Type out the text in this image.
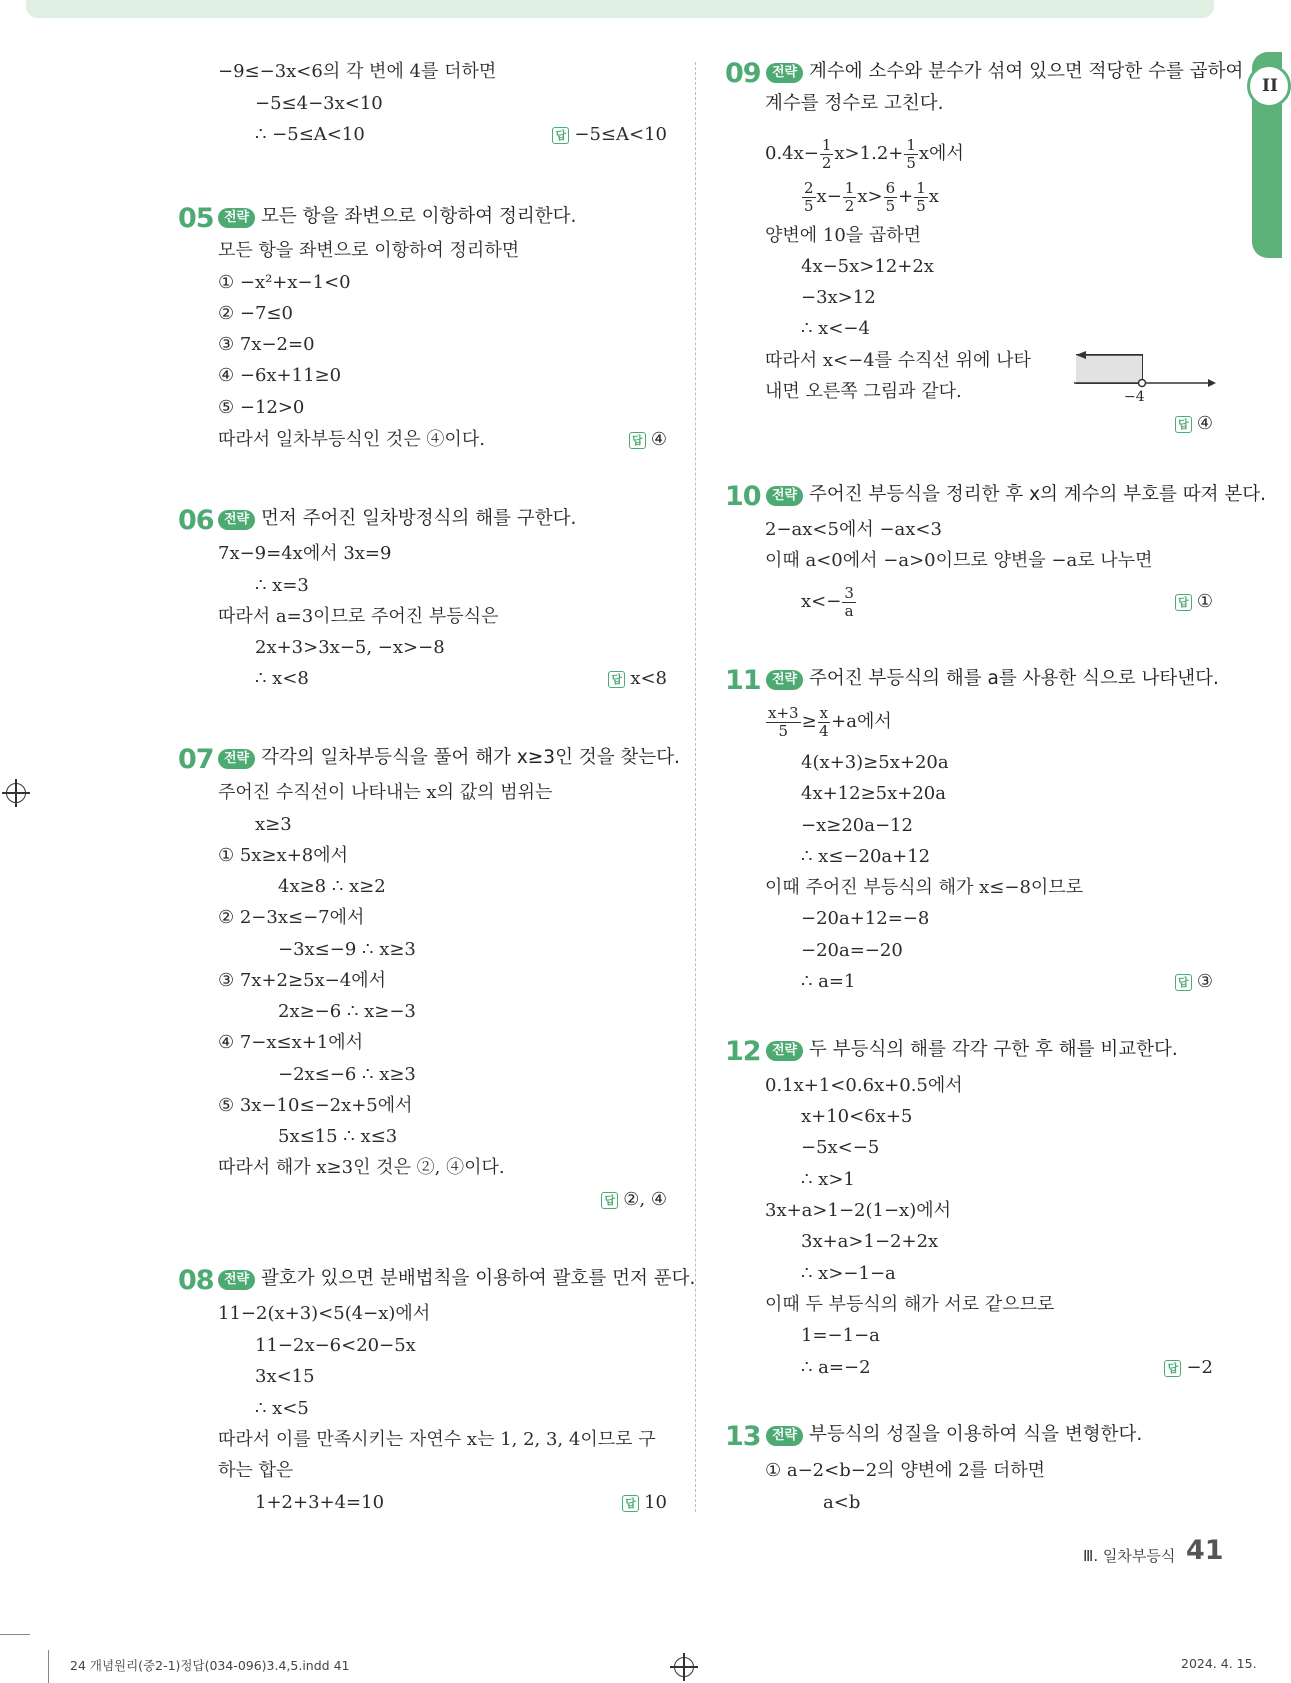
II
−9≤−3x<6의 각 변에 4를 더하면
−5≤4−3x<10
∴ −5≤A<10	답 −5≤A<10
05 전략 모든 항을 좌변으로 이항하여 정리한다.
모든 항을 좌변으로 이항하여 정리하면
① −x²+x−1<0
② −7≤0
③ 7x−2=0
④ −6x+11≥0
⑤ −12>0
따라서 일차부등식인 것은 ④이다.	답 ④
06 전략 먼저 주어진 일차방정식의 해를 구한다.
7x−9=4x에서 3x=9
∴ x=3
따라서 a=3이므로 주어진 부등식은
2x+3>3x−5, −x>−8
∴ x<8	답 x<8
07 전략 각각의 일차부등식을 풀어 해가 x≥3인 것을 찾는다.
주어진 수직선이 나타내는 x의 값의 범위는
x≥3
① 5x≥x+8에서
4x≥8 ∴ x≥2
② 2−3x≤−7에서
−3x≤−9 ∴ x≥3
③ 7x+2≥5x−4에서
2x≥−6 ∴ x≥−3
④ 7−x≤x+1에서
−2x≤−6 ∴ x≥3
⑤ 3x−10≤−2x+5에서
5x≤15 ∴ x≤3
따라서 해가 x≥3인 것은 ②, ④이다.
답 ②, ④
08 전략 괄호가 있으면 분배법칙을 이용하여 괄호를 먼저 푼다.
11−2(x+3)<5(4−x)에서
11−2x−6<20−5x
3x<15
∴ x<5
따라서 이를 만족시키는 자연수 x는 1, 2, 3, 4이므로 구
하는 합은
1+2+3+4=10	답 10
09 전략 계수에 소수와 분수가 섞여 있으면 적당한 수를 곱하여
계수를 정수로 고친다.
$0.4x- \frac{1}{2} x>1.2+ \frac{1}{5}$ x에서
$\frac{2}{5} x- \frac{1}{2} x> \frac{6}{5} + \frac{1}{5}$ x
양변에 10을 곱하면
4x−5x>12+2x
−3x>12
∴ x<−4
따라서 x<−4를 수직선 위에 나타
내면 오른쪽 그림과 같다.	−4
답 ④
10 전략 주어진 부등식을 정리한 후 x의 계수의 부호를 따져 본다.
2−ax<5에서 −ax<3
이때 a<0에서 −a>0이므로 양변을 −a로 나누면
$x<- \frac{3}{a}$	답 ①
11 전략 주어진 부등식의 해를 a를 사용한 식으로 나타낸다.
$\frac{x+3}{5} \ge \frac{x}{4} +a$에서
4(x+3)≥5x+20a
4x+12≥5x+20a
−x≥20a−12
∴ x≤−20a+12
이때 주어진 부등식의 해가 x≤−8이므로
−20a+12=−8
−20a=−20
∴ a=1	답 ③
12 전략 두 부등식의 해를 각각 구한 후 해를 비교한다.
0.1x+1<0.6x+0.5에서
x+10<6x+5
−5x<−5
∴ x>1
3x+a>1−2(1−x)에서
3x+a>1−2+2x
∴ x>−1−a
이때 두 부등식의 해가 서로 같으므로
1=−1−a
∴ a=−2	답 −2
13 전략 부등식의 성질을 이용하여 식을 변형한다.
① a−2<b−2의 양변에 2를 더하면
a<b
Ⅲ. 일차부등식 41
24 개념원리(중2-1)정답(034-096)3.4,5.indd 41	2024. 4. 15.
